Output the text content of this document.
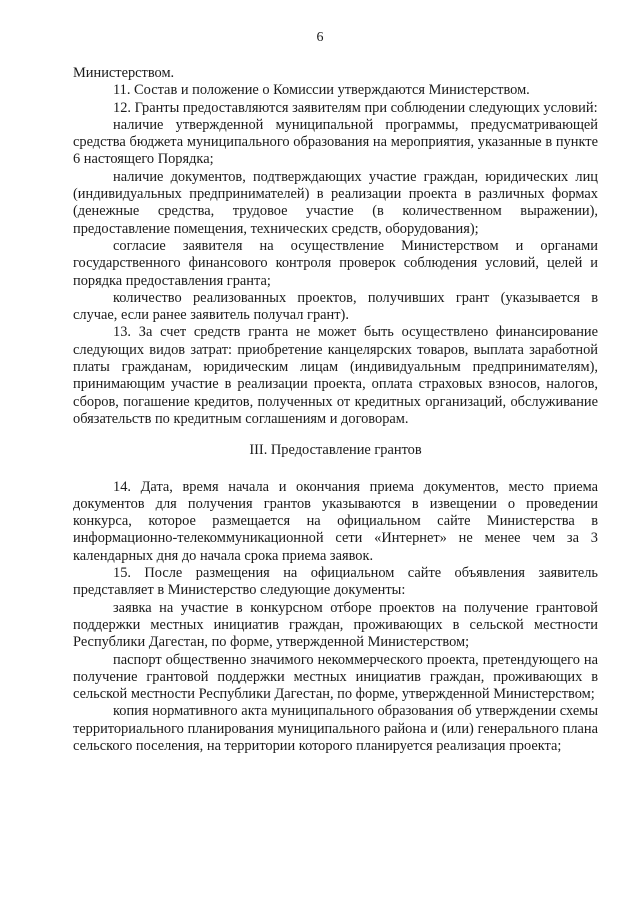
6

Министерством.

11. Состав и положение о Комиссии утверждаются Министерством.

12. Гранты предоставляются заявителям при соблюдении следующих условий:

наличие утвержденной муниципальной программы, предусматривающей средства бюджета муниципального образования на мероприятия, указанные в пункте 6 настоящего Порядка;

наличие документов, подтверждающих участие граждан, юридических лиц (индивидуальных предпринимателей) в реализации проекта в различных формах (денежные средства, трудовое участие (в количественном выражении), предоставление помещения, технических средств, оборудования);

согласие заявителя на осуществление Министерством и органами государственного финансового контроля проверок соблюдения условий, целей и порядка предоставления гранта;

количество реализованных проектов, получивших грант (указывается в случае, если ранее заявитель получал грант).

13. За счет средств гранта не может быть осуществлено финансирование следующих видов затрат: приобретение канцелярских товаров, выплата заработной платы гражданам, юридическим лицам (индивидуальным предпринимателям), принимающим участие в реализации проекта, оплата страховых взносов, налогов, сборов, погашение кредитов, полученных от кредитных организаций, обслуживание обязательств по кредитным соглашениям и договорам.

III. Предоставление грантов

14. Дата, время начала и окончания приема документов, место приема документов для получения грантов указываются в извещении о проведении конкурса, которое размещается на официальном сайте Министерства в информационно-телекоммуникационной сети «Интернет» не менее чем за 3 календарных дня до начала срока приема заявок.

15. После размещения на официальном сайте объявления заявитель представляет в Министерство следующие документы:

заявка на участие в конкурсном отборе проектов на получение грантовой поддержки местных инициатив граждан, проживающих в сельской местности Республики Дагестан, по форме, утвержденной Министерством;

паспорт общественно значимого некоммерческого проекта, претендующего на получение грантовой поддержки местных инициатив граждан, проживающих в сельской местности Республики Дагестан, по форме, утвержденной Министерством;

копия нормативного акта муниципального образования об утверждении схемы территориального планирования муниципального района и (или) генерального плана сельского поселения, на территории которого планируется реализация проекта;
